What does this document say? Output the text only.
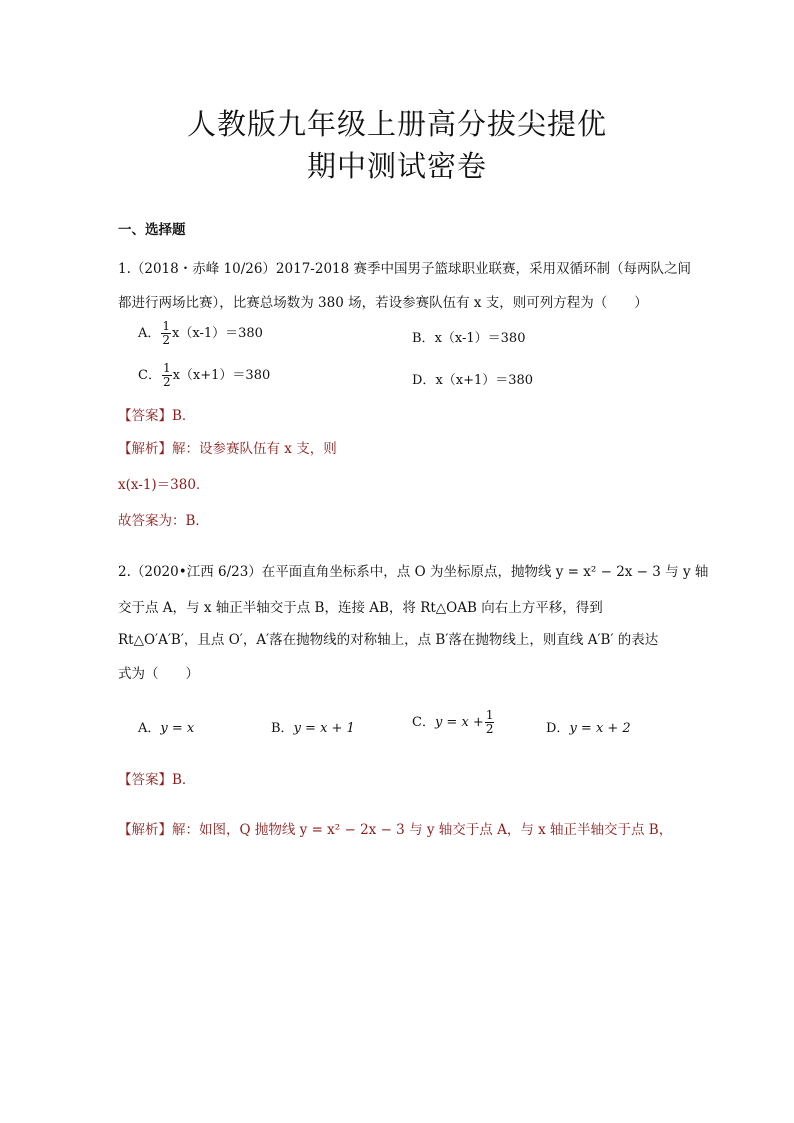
人教版九年级上册高分拔尖提优
期中测试密卷
一、选择题
1.（2018・赤峰 10/26）2017-2018 赛季中国男子篮球职业联赛，采用双循环制（每两队之间
都进行两场比赛），比赛总场数为 380 场，若设参赛队伍有 x 支，则可列方程为（　　）
A． $\frac{1}{2} x(x-1)=380$	B．x（x-1）＝380
C． $\frac{1}{2} x(x+1)=380$	D．x（x+1）＝380
【答案】B．
【解析】解：设参赛队伍有 x 支，则
x(x-1)＝380．
故答案为：B．
2.（2020•江西 6/23）在平面直角坐标系中，点 O 为坐标原点，抛物线 y = x² − 2x − 3 与 y 轴
交于点 A，与 x 轴正半轴交于点 B，连接 AB，将 Rt△OAB 向右上方平移，得到
Rt△O′A′B′，且点 O′，A′落在抛物线的对称轴上，点 B′落在抛物线上，则直线 A′B′ 的表达
式为（　　）
A．y = x	B．y = x + 1	C．$y = x + \frac{1}{2}$	D．y = x + 2
【答案】B．
【解析】解：如图，Q 抛物线 y = x² − 2x − 3 与 y 轴交于点 A，与 x 轴正半轴交于点 B，
